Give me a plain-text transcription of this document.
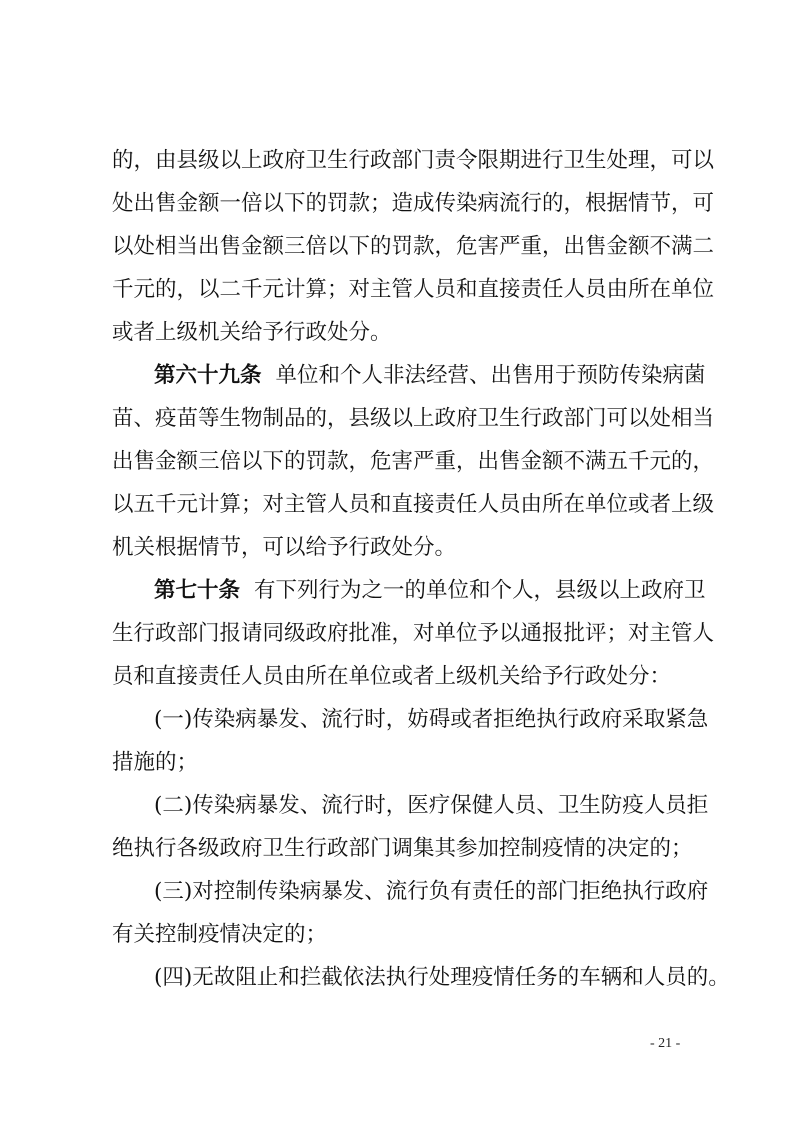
的，由县级以上政府卫生行政部门责令限期进行卫生处理，可以
处出售金额一倍以下的罚款；造成传染病流行的，根据情节，可
以处相当出售金额三倍以下的罚款，危害严重，出售金额不满二
千元的，以二千元计算；对主管人员和直接责任人员由所在单位
或者上级机关给予行政处分。
第六十九条 单位和个人非法经营、出售用于预防传染病菌
苗、疫苗等生物制品的，县级以上政府卫生行政部门可以处相当
出售金额三倍以下的罚款，危害严重，出售金额不满五千元的，
以五千元计算；对主管人员和直接责任人员由所在单位或者上级
机关根据情节，可以给予行政处分。
第七十条 有下列行为之一的单位和个人，县级以上政府卫
生行政部门报请同级政府批准，对单位予以通报批评；对主管人
员和直接责任人员由所在单位或者上级机关给予行政处分：
(一)传染病暴发、流行时，妨碍或者拒绝执行政府采取紧急
措施的；
(二)传染病暴发、流行时，医疗保健人员、卫生防疫人员拒
绝执行各级政府卫生行政部门调集其参加控制疫情的决定的；
(三)对控制传染病暴发、流行负有责任的部门拒绝执行政府
有关控制疫情决定的；
(四)无故阻止和拦截依法执行处理疫情任务的车辆和人员的。
- 21 -
